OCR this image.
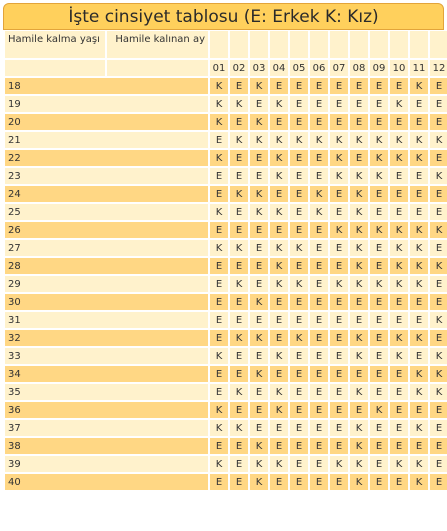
İşte cinsiyet tablosu (E: Erkek K: Kız)
Hamile kalma yaşı	Hamile kalınan ay												
		01	02	03	04	05	06	07	08	09	10	11	12
18		K	E	K	E	E	E	E	E	E	E	K	E
19		K	K	E	K	E	E	E	E	E	K	E	E
20		K	E	K	E	E	E	E	E	E	E	E	E
21		E	K	K	K	K	K	K	K	K	K	K	K
22		K	E	E	K	E	E	K	E	K	K	K	E
23		E	E	E	K	E	E	K	K	K	E	E	K
24		E	K	K	E	E	K	E	K	E	E	E	E
25		K	E	K	K	E	K	E	K	E	E	E	E
26		E	E	E	E	E	E	K	K	K	K	K	K
27		K	K	E	K	K	E	E	K	E	K	K	E
28		E	E	E	K	E	E	E	K	E	K	K	K
29		E	K	E	K	K	E	K	K	K	K	K	E
30		E	E	K	E	E	E	E	E	E	E	E	E
31		E	E	E	E	E	E	E	E	E	E	E	K
32		E	K	K	E	K	E	E	K	E	K	K	E
33		K	E	E	K	E	E	E	K	E	K	E	K
34		E	E	K	E	E	E	E	E	E	E	K	K
35		E	K	E	K	E	E	E	K	E	E	K	K
36		K	E	E	K	E	E	E	E	K	E	E	E
37		K	K	E	E	E	E	E	K	E	E	K	E
38		E	E	K	E	E	E	E	K	E	E	E	E
39		K	E	K	K	E	E	K	K	E	K	K	E
40		E	E	K	E	E	E	E	K	E	E	K	E
